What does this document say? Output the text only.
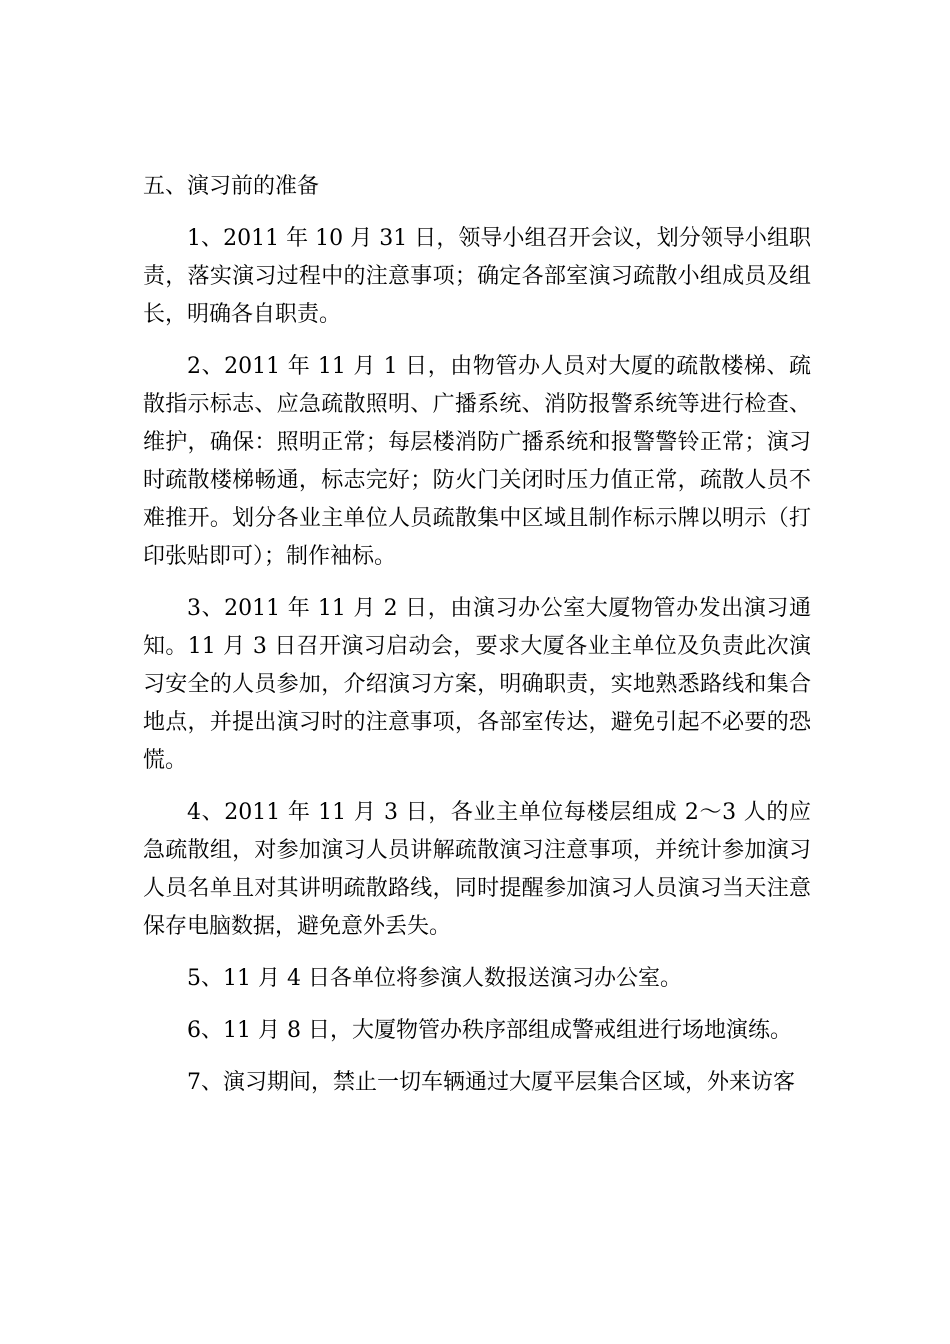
五、演习前的准备

1、2011 年 10 月 31 日，领导小组召开会议，划分领导小组职责，落实演习过程中的注意事项；确定各部室演习疏散小组成员及组长，明确各自职责。

2、2011 年 11 月 1 日，由物管办人员对大厦的疏散楼梯、疏散指示标志、应急疏散照明、广播系统、消防报警系统等进行检查、维护，确保：照明正常；每层楼消防广播系统和报警警铃正常；演习时疏散楼梯畅通，标志完好；防火门关闭时压力值正常，疏散人员不难推开。划分各业主单位人员疏散集中区域且制作标示牌以明示（打印张贴即可）；制作袖标。

3、2011 年 11 月 2 日，由演习办公室大厦物管办发出演习通知。11 月 3 日召开演习启动会，要求大厦各业主单位及负责此次演习安全的人员参加，介绍演习方案，明确职责，实地熟悉路线和集合地点，并提出演习时的注意事项，各部室传达，避免引起不必要的恐慌。

4、2011 年 11 月 3 日，各业主单位每楼层组成 2～3 人的应急疏散组，对参加演习人员讲解疏散演习注意事项，并统计参加演习人员名单且对其讲明疏散路线，同时提醒参加演习人员演习当天注意保存电脑数据，避免意外丢失。

5、11 月 4 日各单位将参演人数报送演习办公室。

6、11 月 8 日，大厦物管办秩序部组成警戒组进行场地演练。

7、演习期间，禁止一切车辆通过大厦平层集合区域，外来访客
